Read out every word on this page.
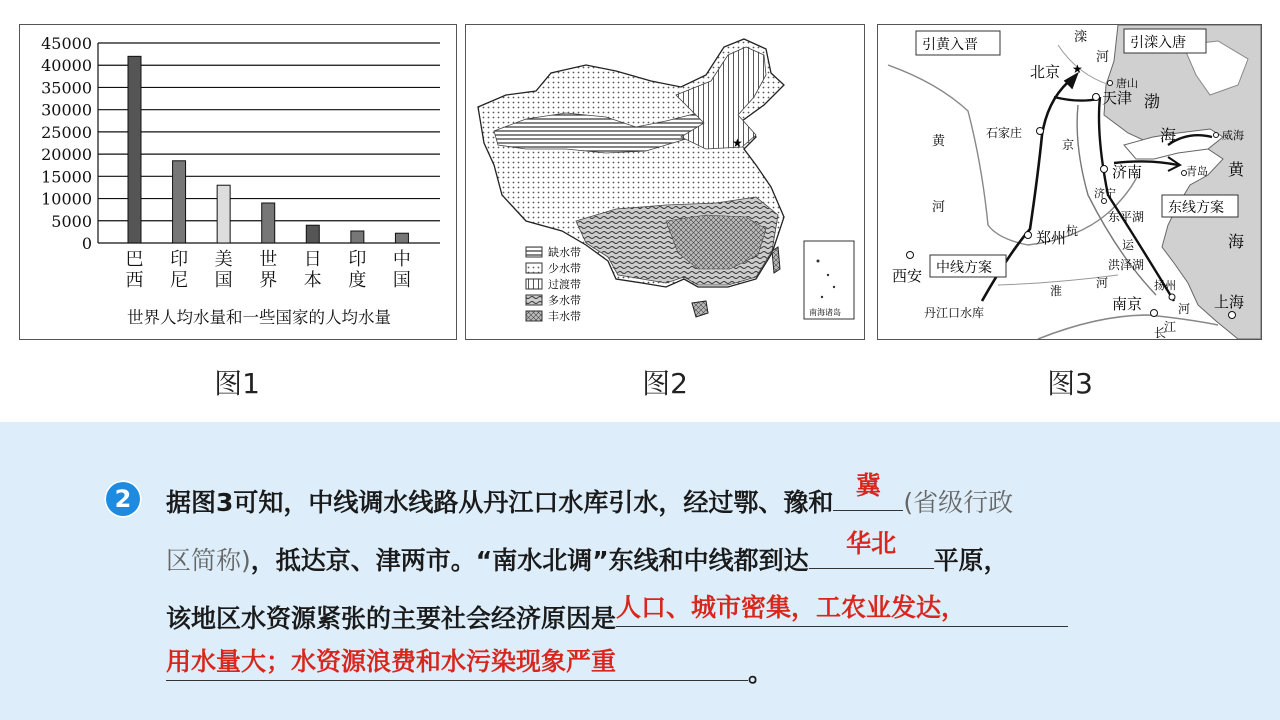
0
5000
10000
15000
20000
25000
30000
35000
40000
45000
巴
西
印
尼
美
国
世
界
日
本
印
度
中
国
世界人均水量和一些国家的人均水量
★
南海诸岛
缺水带
少水带
过渡带
多水带
丰水带
引黄入晋	引滦入唐
东线方案
中线方案
★
北京
天津
唐山
石家庄
济南
济宁
青岛
威海
郑州
西安
扬州
南京	上海
丹江口水库
滦
河
渤
海
黄
海
黄
河
京
杭
东平湖
运
洪泽湖
河
淮
河
江
长
图1	图2	图3
2	据图3可知，中线调水线路从丹江口水库引水，经过鄂、豫和
冀
(省级行政
区简称)，抵达京、津两市。“南水北调”东线和中线都到达
华北
平原，
该地区水资源紧张的主要社会经济原因是 人口、城市密集，工农业发达，
用水量大；水资源浪费和水污染现象严重	。
